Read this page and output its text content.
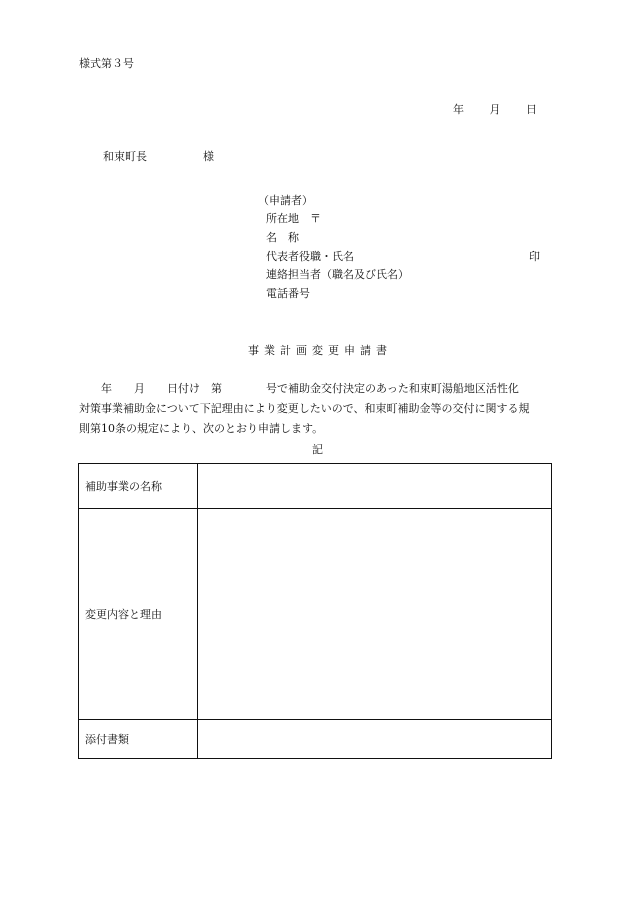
様式第３号
年 月 日
和束町長	様
（申請者）
所在地　〒
名　称
代表者役職・氏名	印
連絡担当者（職名及び氏名）
電話番号
事業計画変更申請書
　　年　　月　　日付け　第　　　　号で補助金交付決定のあった和束町湯船地区活性化
対策事業補助金について下記理由により変更したいので、和束町補助金等の交付に関する規
則第10条の規定により、次のとおり申請します。
記
補助事業の名称	
変更内容と理由	
添付書類	
